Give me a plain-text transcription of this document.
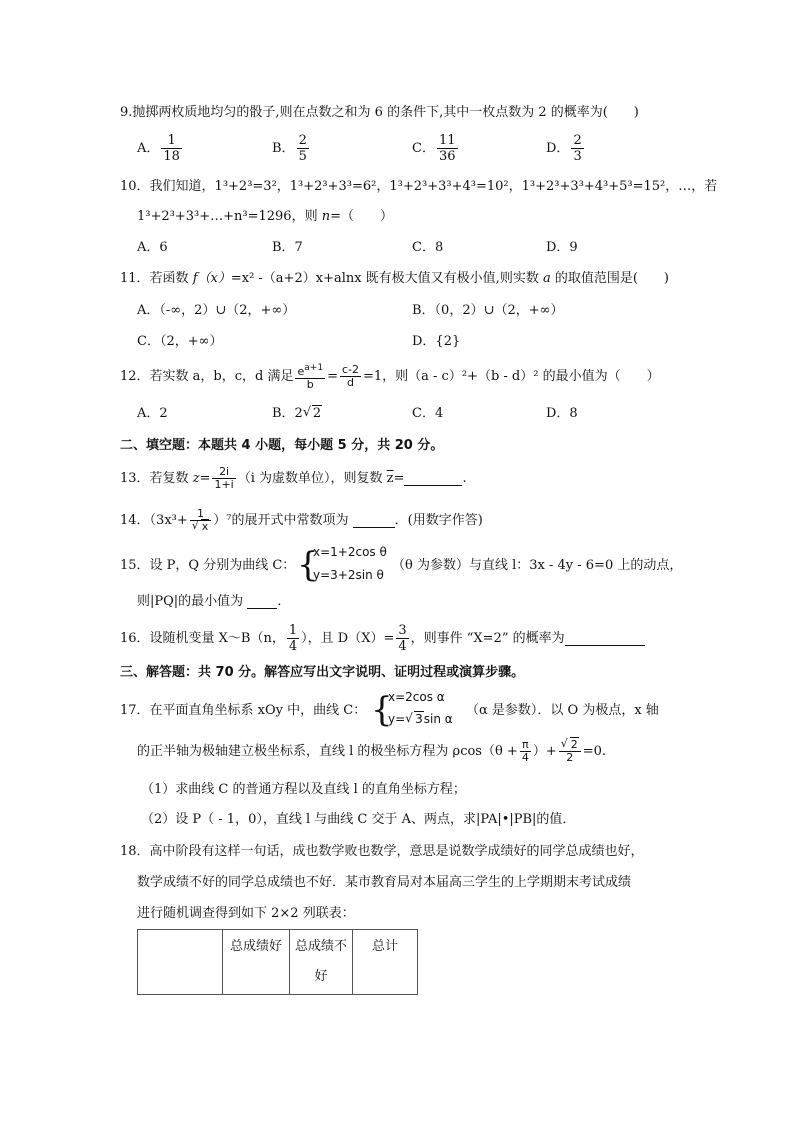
9.抛掷两枚质地均匀的骰子,则在点数之和为 6 的条件下,其中一枚点数为 2 的概率为(　　)
A． $\frac{1}{18}$	B． $\frac{2}{5}$	C． $\frac{11}{36}$	D． $\frac{2}{3}$
10．我们知道，1³+2³=3²，1³+2³+3³=6²，1³+2³+3³+4³=10²，1³+2³+3³+4³+5³=15²，…，若
1³+2³+3³+…+n³=1296，则 n=（　　）
A．6	B．7	C．8	D．9
11．若函数 f（x）=x² -（a+2）x+alnx 既有极大值又有极小值,则实数 a 的取值范围是(　　)
A．（-∞，2）∪（2，+∞）	B．（0，2）∪（2，+∞）
C．（2，+∞）	D．{2}
12．若实数 a，b，c，d 满足 $\frac{e^{a+1}}{b} = \frac{c-2}{d} =1$，则（a - c）²+（b - d）² 的最小值为（　　）
A．2	B．2 √ 2	C．4	D．8
二、填空题：本题共 4 小题，每小题 5 分，共 20 分。
13．若复数 $z= \frac{2i}{1+i} (i$ 为虚数单位），则复数 $\overline{z}=$	.
14．（3x³+ 1
√ x ）⁷的展开式中常数项为	．(用数字作答)
{
15．设 P，Q 分别为曲线 C：
x=1+2cos θ
y=3+2sin θ
（θ 为参数）与直线 l：3x - 4y - 6=0 上的动点，
则|PQ|的最小值为  ．
16．设随机变量 X～B（n， $\frac{1}{4}$ ），且 $D(X)= \frac{3}{4}$ ，则事件 “X=2” 的概率为
三、解答题：共 70 分。解答应写出文字说明、证明过程或演算步骤。
{
17．在平面直角坐标系 xOy 中，曲线 C：
x=2cos α
y= √ 3sin α
（α 是参数）．以 O 为极点，x 轴
的正半轴为极轴建立极坐标系，直线 l 的极坐标方程为 $\rho\cos(\theta + \frac{\pi}{4}$ ）+ √ $\frac{2}{2} =0$.
（1）求曲线 C 的普通方程以及直线 l 的直角坐标方程；
（2）设 P（ - 1，0），直线 l 与曲线 C 交于 A、两点，求|PA|•|PB|的值．
18．高中阶段有这样一句话，成也数学败也数学，意思是说数学成绩好的同学总成绩也好，
数学成绩不好的同学总成绩也不好．某市教育局对本届高三学生的上学期期末考试成绩
进行随机调查得到如下 2×2 列联表：
	总成绩好	总成绩不好	总计
